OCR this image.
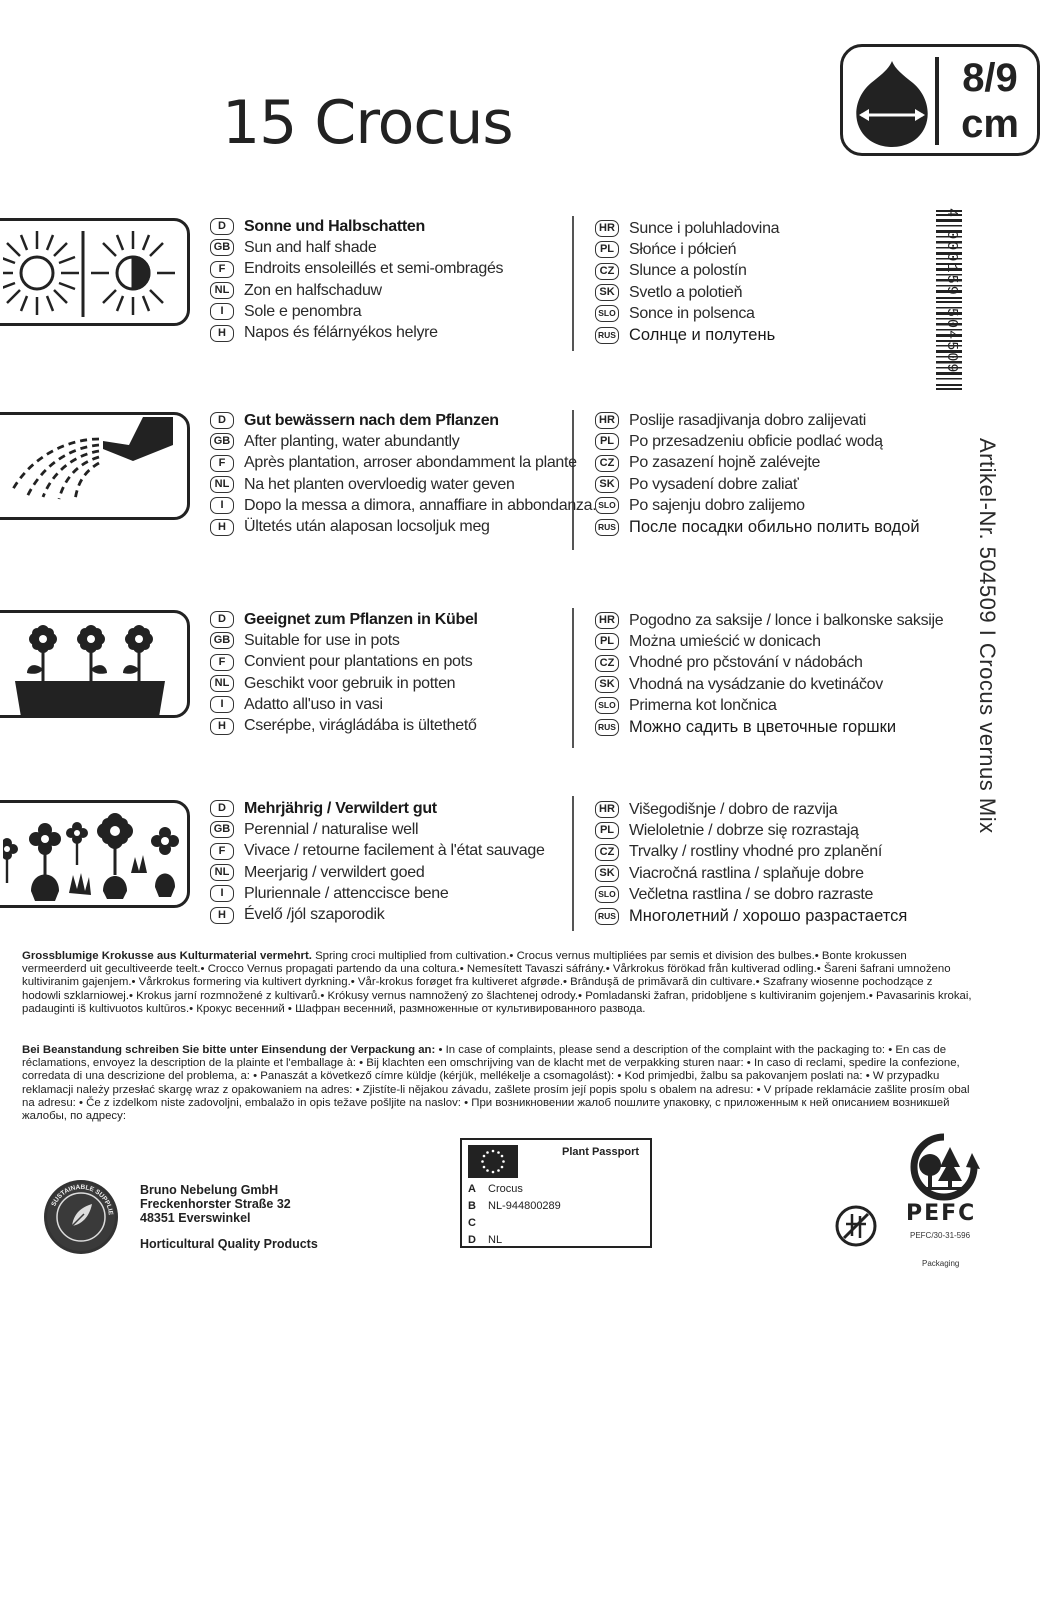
15 Crocus
8/9
cm
4 000159 504509
Artikel-Nr. 504509 I Crocus vernus Mix
D	Sonne und Halbschatten
GB Sun and half shade
F	Endroits ensoleillés et semi-ombragés
NL Zon en halfschaduw
I	Sole e penombra
H	Napos és félárnyékos helyre
HR Sunce i poluhladovina
PL Słońce i półcień
CZ Slunce a polostín
SK Svetlo a polotieň
SLO Sonce in polsenca
RUS Солнце и полутень
D	Gut bewässern nach dem Pflanzen
GB After planting, water abundantly
F	Après plantation, arroser abondamment la plante
NL Na het planten overvloedig water geven
I	Dopo la messa a dimora, annaffiare in abbondanza.
H	Ültetés után alaposan locsoljuk meg
HR Poslije rasadjivanja dobro zalijevati
PL Po przesadzeniu obficie podlać wodą
CZ Po zasazení hojně zalévejte
SK Po vysadení dobre zaliať
SLO Po sajenju dobro zalijemo
RUS После посадки обильно полить водой
D	Geeignet zum Pflanzen in Kübel
GB Suitable for use in pots
F	Convient pour plantations en pots
NL Geschikt voor gebruik in potten
I	Adatto all'uso in vasi
H	Cserépbe, virágládába is ültethető
HR Pogodno za saksije / lonce i balkonske saksije
PL Można umieścić w donicach
CZ Vhodné pro pčstování v nádobách
SK Vhodná na vysádzanie do kvetináčov
SLO Primerna kot lončnica
RUS Можно садить в цветочные горшки
D	Mehrjährig / Verwildert gut
GB Perennial / naturalise well
F	Vivace / retourne facilement à l'état sauvage
NL Meerjarig / verwildert goed
I	Pluriennale / attencciscе bene
H	Évelő /jól szaporodik
HR Višegodišnje / dobro de razvija
PL Wieloletnie / dobrze się rozrastają
CZ Trvalky / rostliny vhodné pro zplanění
SK Viacročná rastlina / splaňuje dobre
SLO Večletna rastlina / se dobro razraste
RUS Многолетний / хорошо разрастается
Grossblumige Krokusse aus Kulturmaterial vermehrt. Spring croci multiplied from cultivation.• Crocus vernus multipliées par semis et division des bulbes.• Bonte krokussen vermeerderd uit gecultiveerde teelt.• Crocco Vernus propagati partendo da una coltura.• Nemesített Tavaszi sáfrány.• Vårkrokus förökad från kultiverad odling.• Šareni šafrani umnoženo kultiviranim gajenjem.• Vårkrokus formering via kultivert dyrkning.• Vår-krokus forøget fra kultiveret afgrøde.• Brânduşă de primăvară din cultivare.• Szafrany wiosenne pochodzące z hodowli szklarniowej.• Krokus jarní rozmnožené z kultivarů.• Krókusy vernus namnožený zo šlachtenej odrody.• Pomladanski žafran, pridobljene s kultiviranim gojenjem.• Pavasarinis krokai, padauginti iš kultivuotos kultūros.• Крокус весенний • Шафран весенний, размноженные от культивированного развода.
Bei Beanstandung schreiben Sie bitte unter Einsendung der Verpackung an: • In case of complaints, please send a description of the complaint with the packaging to: • En cas de réclamations, envoyez la description de la plainte et l'emballage à: • Bij klachten een omschrijving van de klacht met de verpakking sturen naar: • In caso di reclami, spedire la confezione, corredata di una descrizione del problema, a: • Panaszát a következő címre küldje (kérjük, mellékelje a csomagolást): • Kod primjedbi, žalbu sa pakovanjem poslati na: • W przypadku reklamacji należy przesłać skargę wraz z opakowaniem na adres: • Zjistíte-li nějakou závadu, zašlete prosím její popis spolu s obalem na adresu: • V prípade reklamácie zašlite prosím obal na adresu: • Če z izdelkom niste zadovoljni, embalažo in opis težave pošljite na naslov: • При возникновении жалоб пошлите упаковку, с приложенным к ней описанием возникшей жалобы, по адресу:
SUSTAINABLE SUPPLIE
Bruno Nebelung GmbH
Freckenhorster Straße 32
48351 Everswinkel
Horticultural Quality Products
Plant Passport
A Crocus
B NL-944800289
C
D NL
PEFC
PEFC/30-31-596
Packaging
